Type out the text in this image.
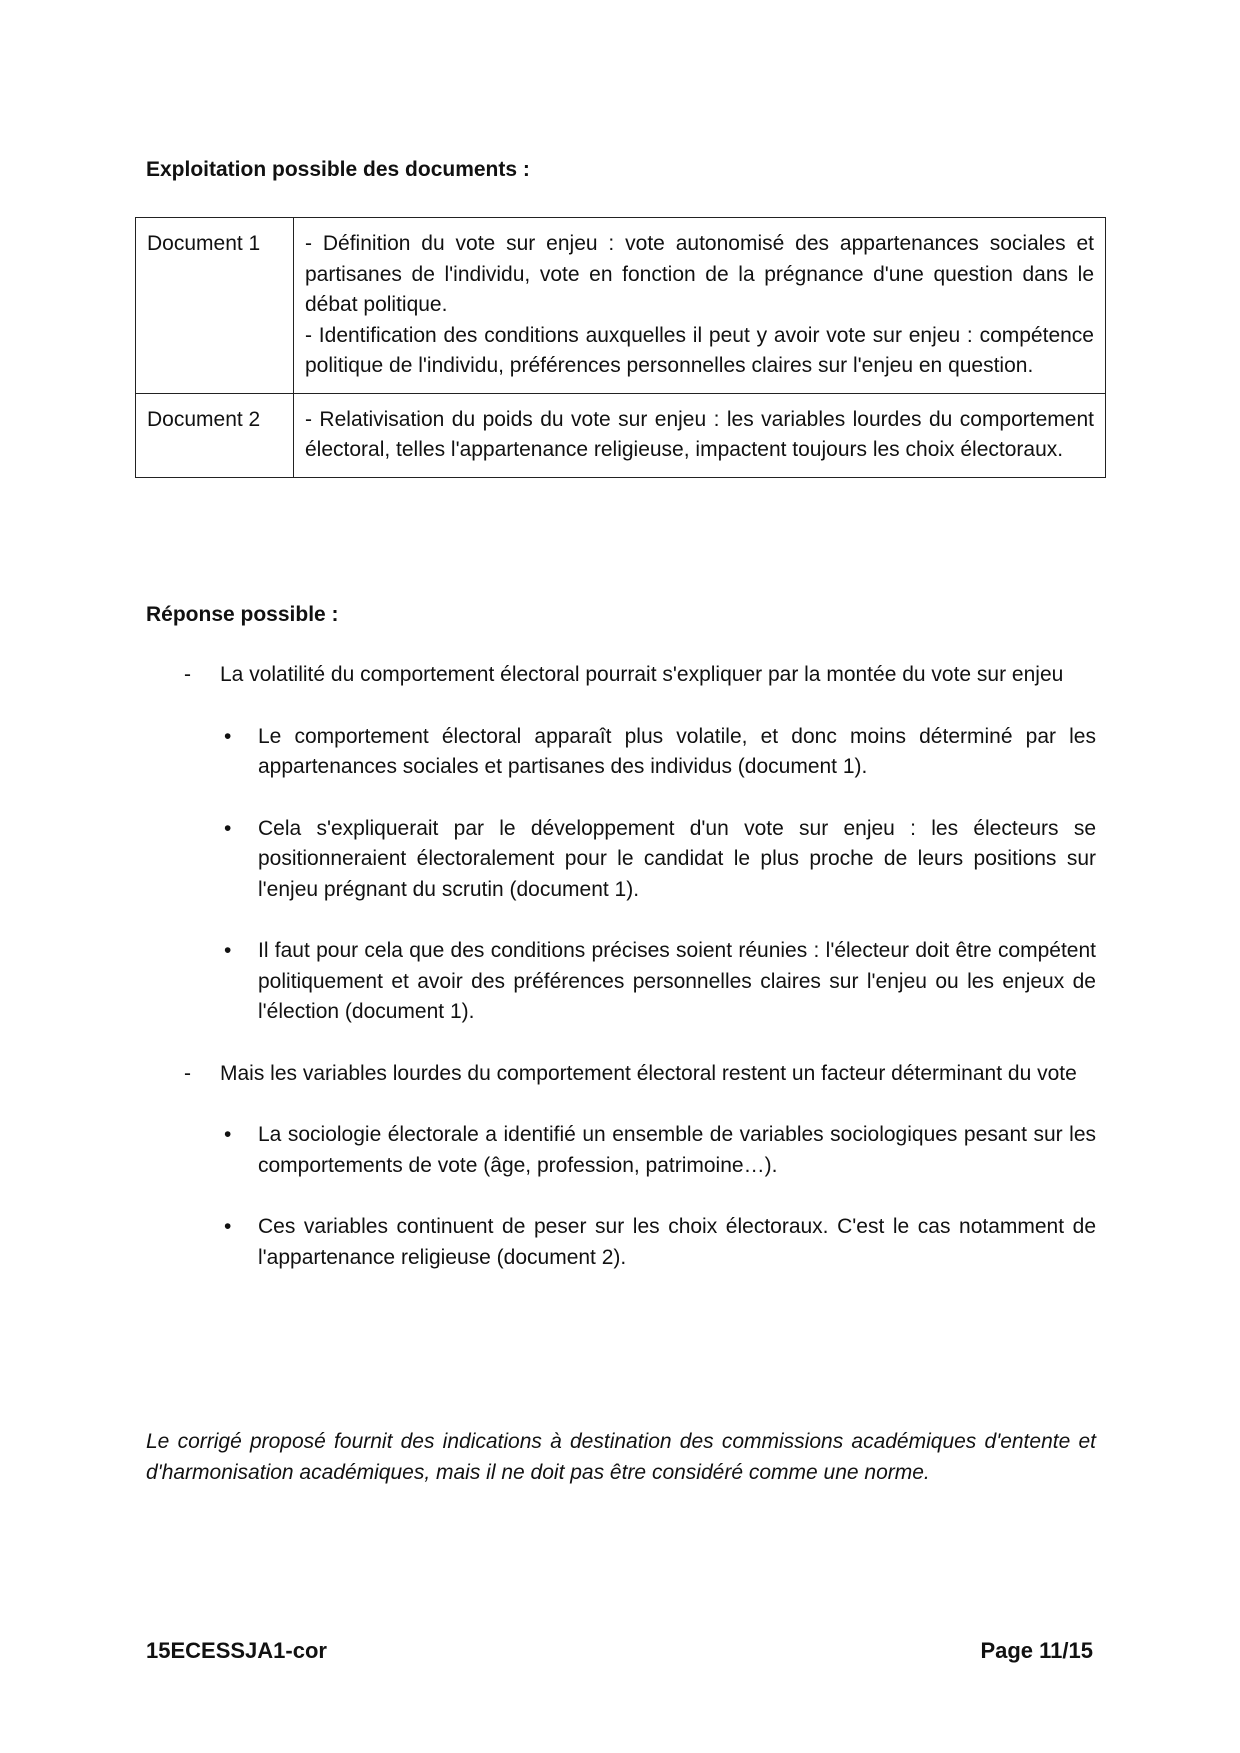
Exploitation possible des documents :

Document 1	- Définition du vote sur enjeu : vote autonomisé des appartenances sociales et partisanes de l'individu, vote en fonction de la prégnance d'une question dans le débat politique.
- Identification des conditions auxquelles il peut y avoir vote sur enjeu : compétence politique de l'individu, préférences personnelles claires sur l'enjeu en question.

Document 2	- Relativisation du poids du vote sur enjeu : les variables lourdes du comportement électoral, telles l'appartenance religieuse, impactent toujours les choix électoraux.

Réponse possible :

- La volatilité du comportement électoral pourrait s'expliquer par la montée du vote sur enjeu

• Le comportement électoral apparaît plus volatile, et donc moins déterminé par les appartenances sociales et partisanes des individus (document 1).
• Cela s'expliquerait par le développement d'un vote sur enjeu : les électeurs se positionneraient électoralement pour le candidat le plus proche de leurs positions sur l'enjeu prégnant du scrutin (document 1).
• Il faut pour cela que des conditions précises soient réunies : l'électeur doit être compétent politiquement et avoir des préférences personnelles claires sur l'enjeu ou les enjeux de l'élection (document 1).

- Mais les variables lourdes du comportement électoral restent un facteur déterminant du vote

• La sociologie électorale a identifié un ensemble de variables sociologiques pesant sur les comportements de vote (âge, profession, patrimoine…).
• Ces variables continuent de peser sur les choix électoraux. C'est le cas notamment de l'appartenance religieuse (document 2).

Le corrigé proposé fournit des indications à destination des commissions académiques d'entente et d'harmonisation académiques, mais il ne doit pas être considéré comme une norme.

15ECESSJA1-cor	Page 11/15
